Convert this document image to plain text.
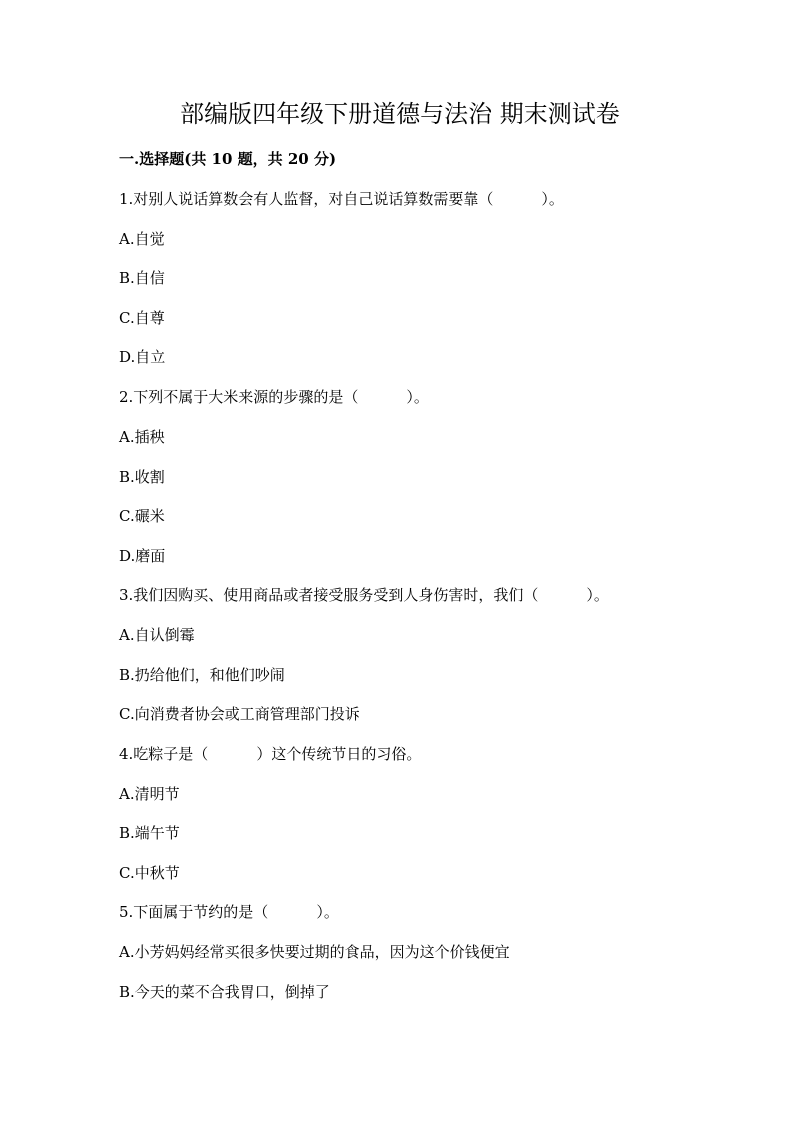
部编版四年级下册道德与法治 期末测试卷

一.选择题(共 10 题，共 20 分)

1.对别人说话算数会有人监督，对自己说话算数需要靠（	）。

A.自觉

B.自信

C.自尊

D.自立

2.下列不属于大米来源的步骤的是（	）。

A.插秧

B.收割

C.碾米

D.磨面

3.我们因购买、使用商品或者接受服务受到人身伤害时，我们（	）。

A.自认倒霉

B.扔给他们，和他们吵闹

C.向消费者协会或工商管理部门投诉

4.吃粽子是（	）这个传统节日的习俗。

A.清明节

B.端午节

C.中秋节

5.下面属于节约的是（	）。

A.小芳妈妈经常买很多快要过期的食品，因为这个价钱便宜

B.今天的菜不合我胃口，倒掉了
